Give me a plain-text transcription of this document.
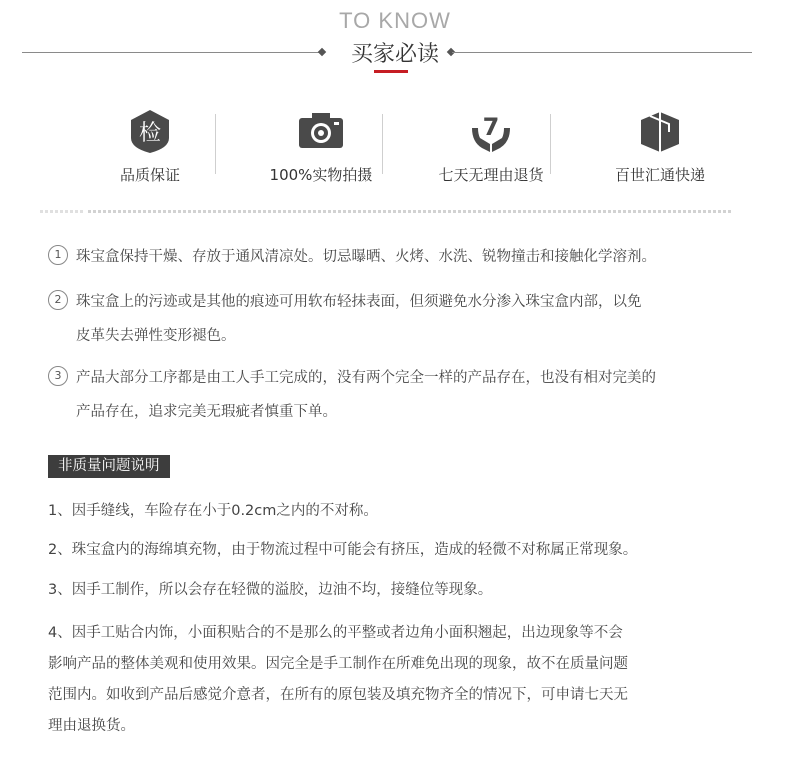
TO KNOW
买家必读
检
品质保证	100%实物拍摄
7
七天无理由退货	百世汇通快递
1 珠宝盒保持干燥、存放于通风清凉处。切忌曝晒、火烤、水洗、锐物撞击和接触化学溶剂。
2 珠宝盒上的污迹或是其他的痕迹可用软布轻抹表面，但须避免水分渗入珠宝盒内部，以免
皮革失去弹性变形褪色。
3 产品大部分工序都是由工人手工完成的，没有两个完全一样的产品存在，也没有相对完美的
产品存在，追求完美无瑕疵者慎重下单。
非质量问题说明
1、因手缝线，车险存在小于0.2cm之内的不对称。
2、珠宝盒内的海绵填充物，由于物流过程中可能会有挤压，造成的轻微不对称属正常现象。
3、因手工制作，所以会存在轻微的溢胶，边油不均，接缝位等现象。
4、因手工贴合内饰，小面积贴合的不是那么的平整或者边角小面积翘起，出边现象等不会
影响产品的整体美观和使用效果。因完全是手工制作在所难免出现的现象，故不在质量问题
范围内。如收到产品后感觉介意者，在所有的原包装及填充物齐全的情况下，可申请七天无
理由退换货。
